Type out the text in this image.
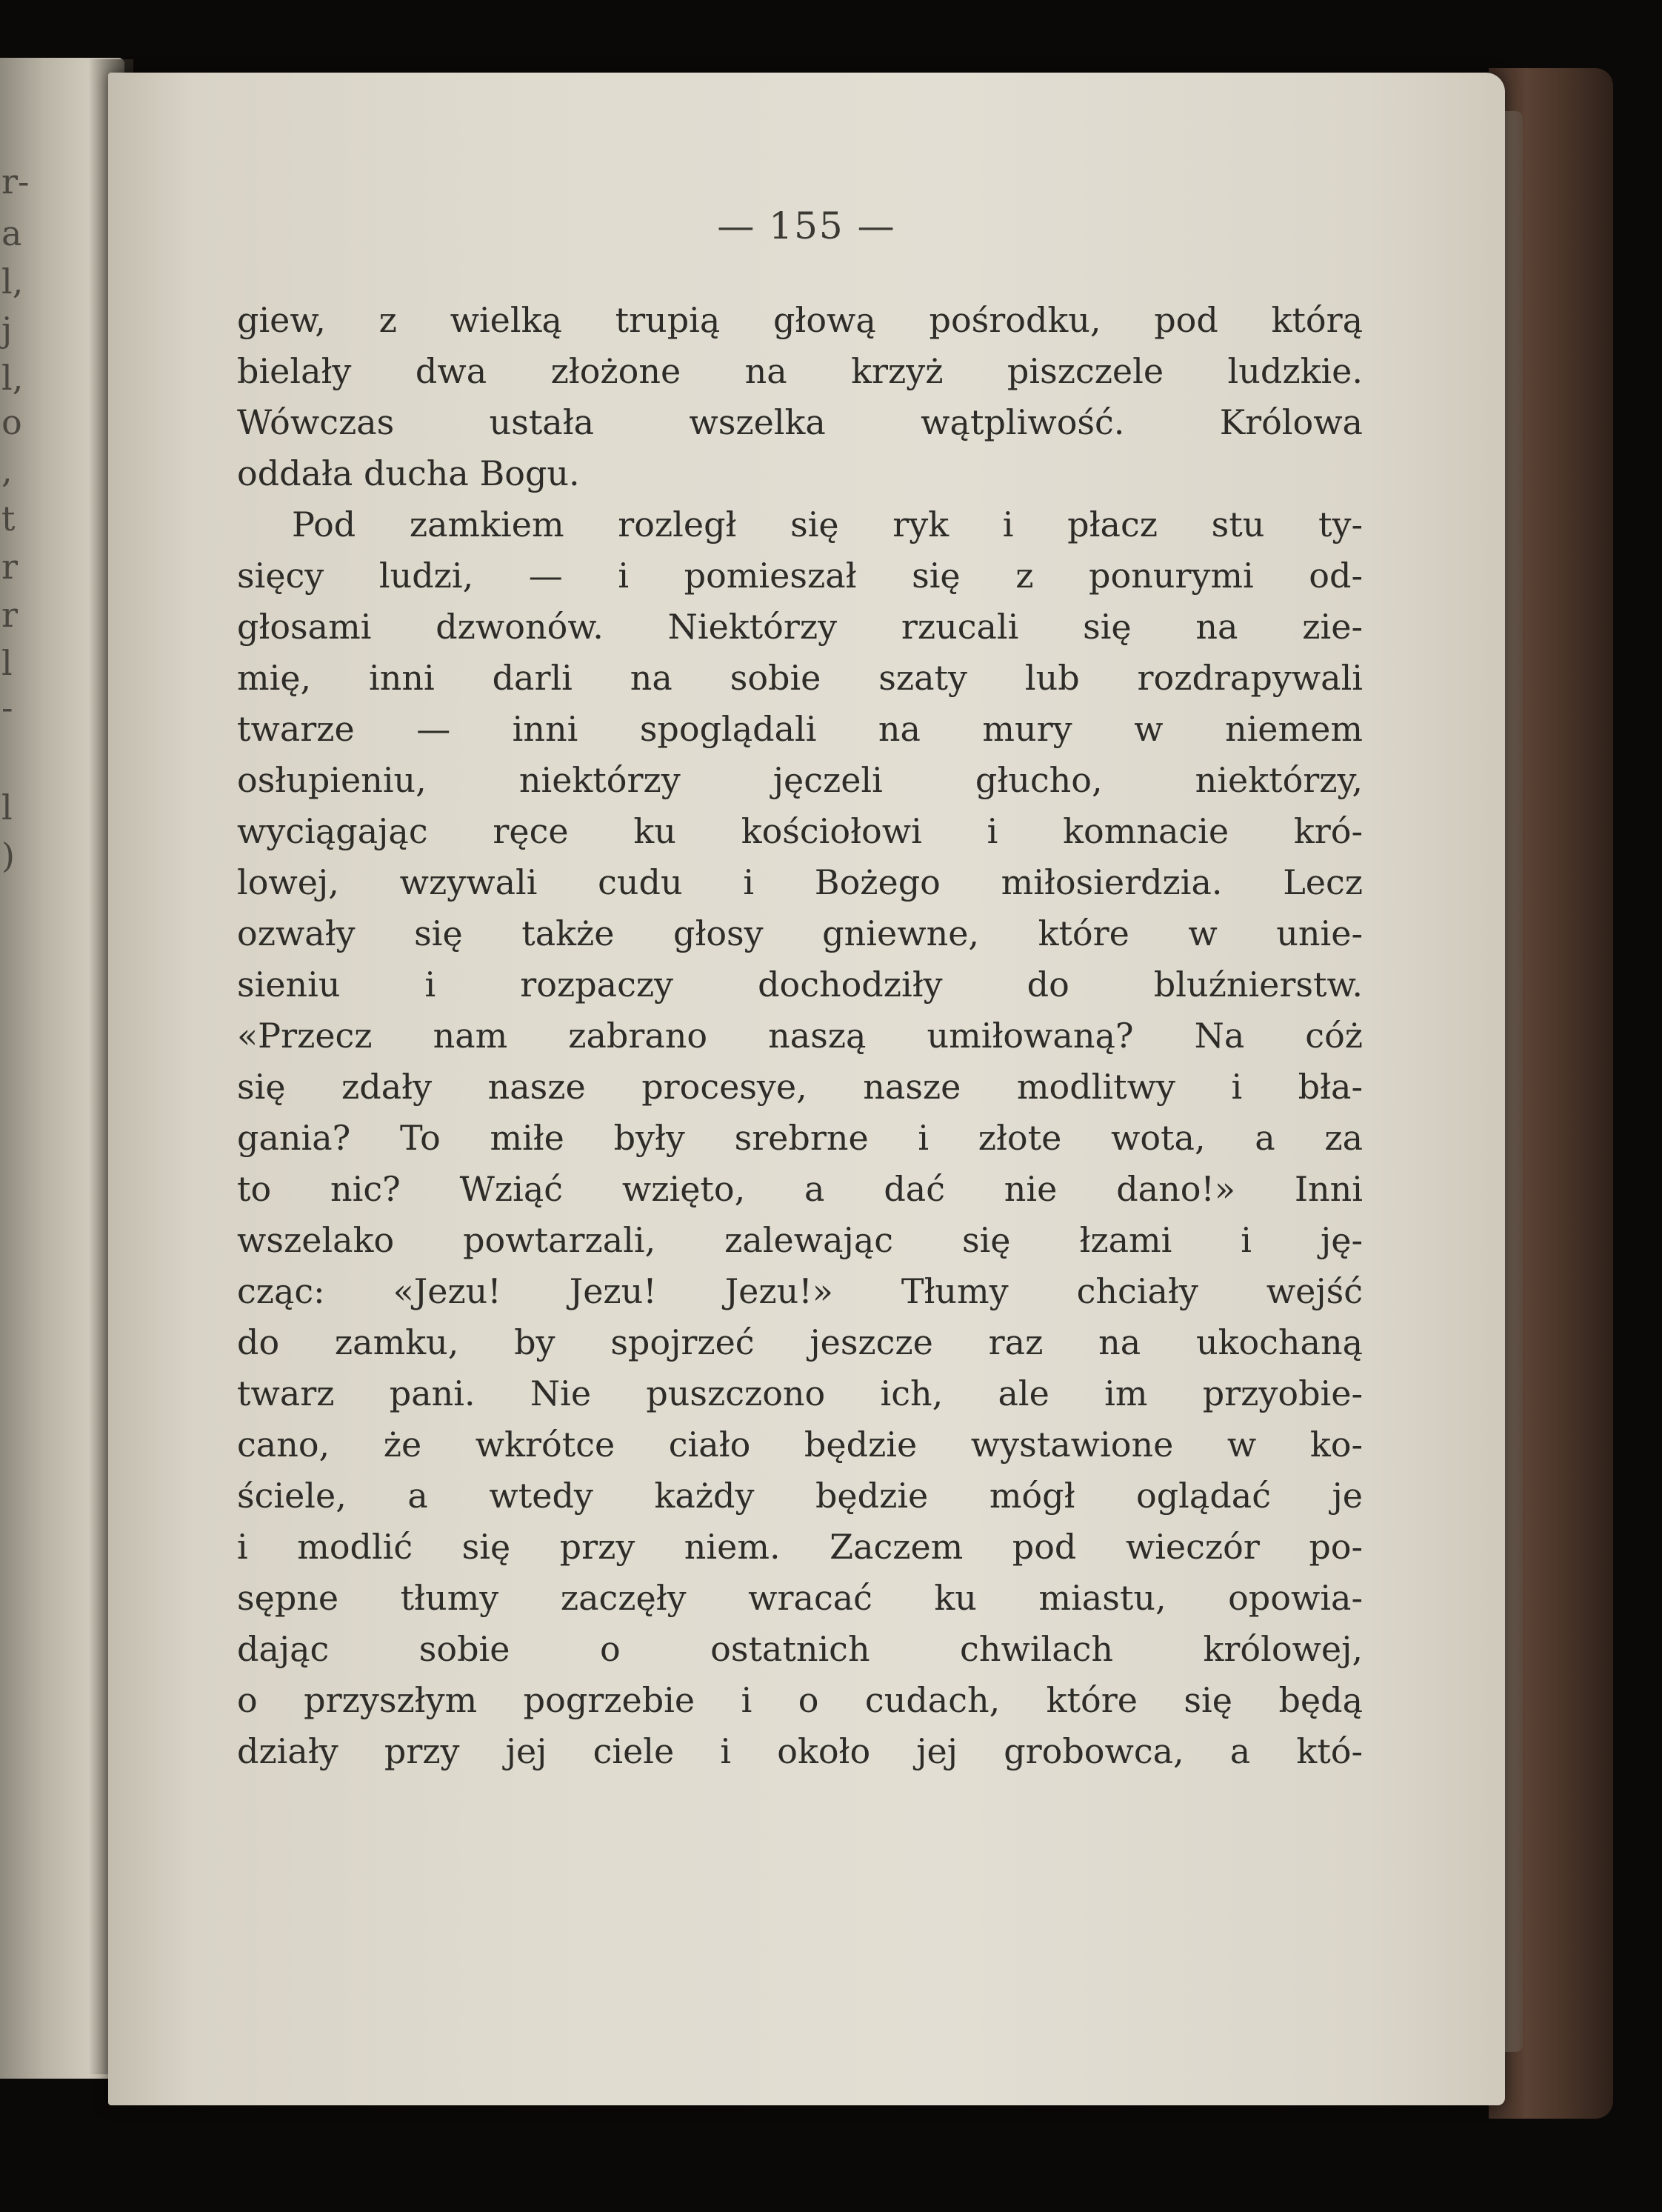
r-
a
l,
j
l,
o
,
t
r
r
l
-
l
)
— 155 —
giew, z wielką trupią głową pośrodku, pod którą
bielały dwa złożone na krzyż piszczele ludzkie.
Wówczas ustała wszelka wątpliwość. Królowa
oddała ducha Bogu.
Pod zamkiem rozległ się ryk i płacz stu ty-
sięcy ludzi, — i pomieszał się z ponurymi od-
głosami dzwonów. Niektórzy rzucali się na zie-
mię, inni darli na sobie szaty lub rozdrapywali
twarze — inni spoglądali na mury w niemem
osłupieniu, niektórzy jęczeli głucho, niektórzy,
wyciągając ręce ku kościołowi i komnacie kró-
lowej, wzywali cudu i Bożego miłosierdzia. Lecz
ozwały się także głosy gniewne, które w unie-
sieniu i rozpaczy dochodziły do bluźnierstw.
«Przecz nam zabrano naszą umiłowaną? Na cóż
się zdały nasze procesye, nasze modlitwy i bła-
gania? To miłe były srebrne i złote wota, a za
to nic? Wziąć wzięto, a dać nie dano!» Inni
wszelako powtarzali, zalewając się łzami i ję-
cząc: «Jezu! Jezu! Jezu!» Tłumy chciały wejść
do zamku, by spojrzeć jeszcze raz na ukochaną
twarz pani. Nie puszczono ich, ale im przyobie-
cano, że wkrótce ciało będzie wystawione w ko-
ściele, a wtedy każdy będzie mógł oglądać je
i modlić się przy niem. Zaczem pod wieczór po-
sępne tłumy zaczęły wracać ku miastu, opowia-
dając sobie o ostatnich chwilach królowej,
o przyszłym pogrzebie i o cudach, które się będą
działy przy jej ciele i około jej grobowca, a któ-
